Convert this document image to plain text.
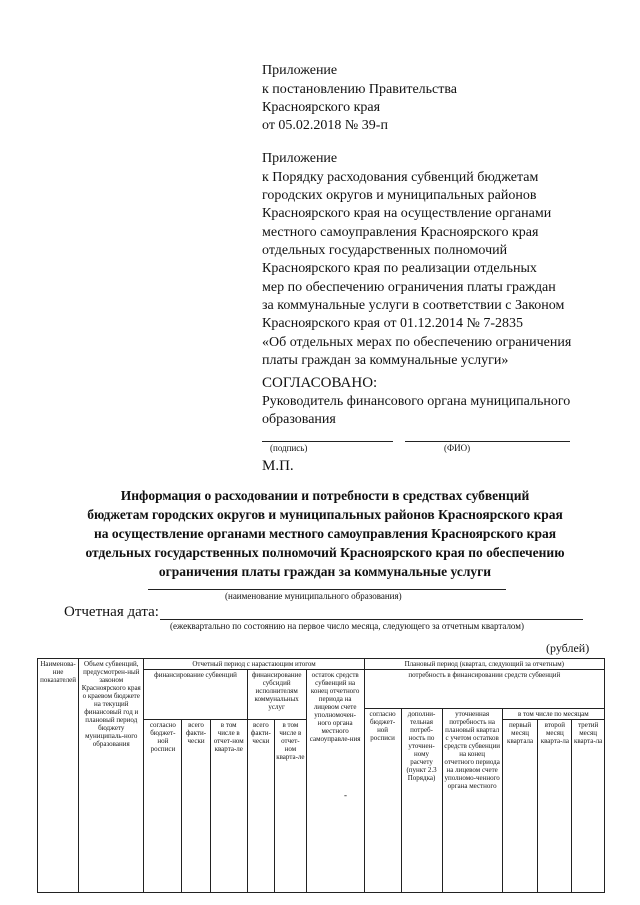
Приложение
к постановлению Правительства
Красноярского края
от 05.02.2018 № 39-п
Приложение
к Порядку расходования субвенций бюджетам
городских округов и муниципальных районов
Красноярского края на осуществление органами
местного самоуправления Красноярского края
отдельных государственных полномочий
Красноярского края по реализации отдельных
мер по обеспечению ограничения платы граждан
за коммунальные услуги в соответствии с Законом
Красноярского края от 01.12.2014 № 7-2835
«Об отдельных мерах по обеспечению ограничения
платы граждан за коммунальные услуги»
СОГЛАСОВАНО:
Руководитель финансового органа муниципального
образования
(подпись)	(ФИО)
М.П.
Информация о расходовании и потребности в средствах субвенций
бюджетам городских округов и муниципальных районов Красноярского края
на осуществление органами местного самоуправления Красноярского края
отдельных государственных полномочий Красноярского края по обеспечению
ограничения платы граждан за коммунальные услуги
(наименование муниципального образования)
Отчетная дата:
(ежеквартально по состоянию на первое число месяца, следующего за отчетным кварталом)
(рублей)
Наименова-ние показателей	Объем субвенций, предусмотрен-ный законом Красноярского края о краевом бюджете на текущий финансовый год и плановый период бюджету муниципаль-ного образования	Отчетный период с нарастающим итогом						Плановый период (квартал, следующий за отчетным)					
		финансирование субвенций			финансирование субсидий исполнителям коммунальных услуг		остаток средств субвенций на конец отчетного периода на лицевом счете уполномочен-ного органа местного самоуправле-ния	потребность в финансировании средств субвенций					
								согласно бюджет-ной росписи	дополни-тельная потреб-ность по уточнен-ному расчету (пункт 2.3 Порядка)	уточненная потребность на плановый квартал с учетом остатков средств субвенции на конец отчетного периода на лицевом счете уполномо-ченного органа местного	в том числе по месяцам		
		согласно бюджет-ной росписи	всего факти-чески	в том числе в отчет-ном кварта-ле	всего факти-чески	в том числе в отчет-ном кварта-ле					первый месяц квартала	второй месяц кварта-ла	третий месяц кварта-ла
-
